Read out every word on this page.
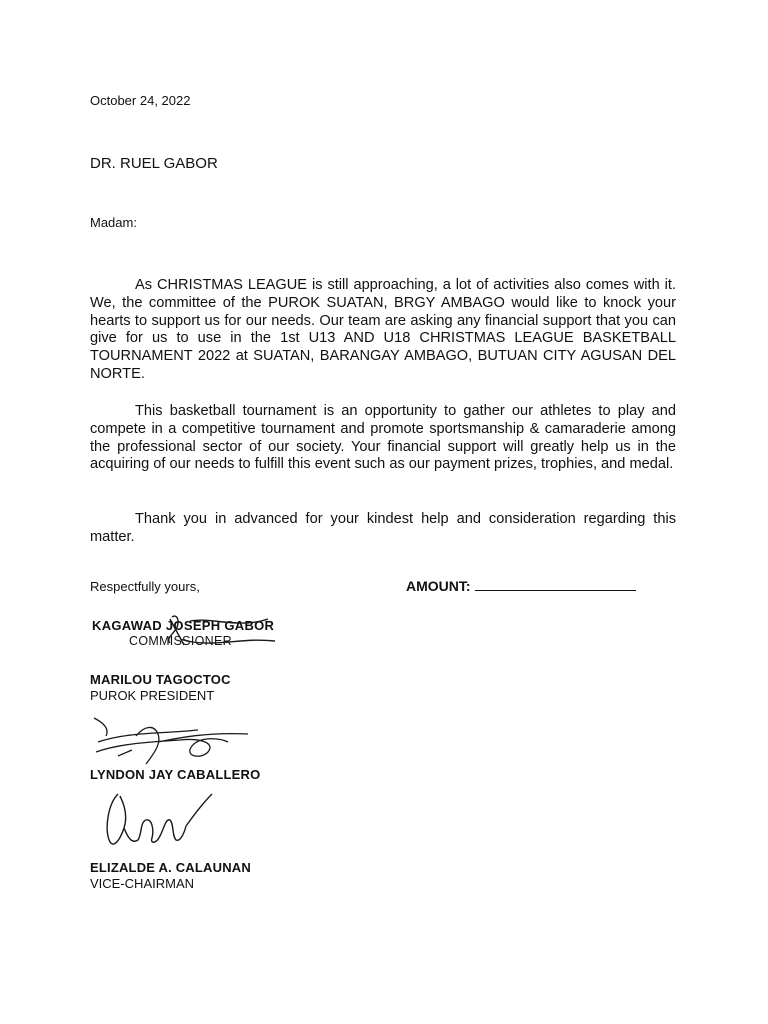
October 24, 2022
DR. RUEL GABOR
Madam:
As CHRISTMAS LEAGUE is still approaching, a lot of activities also comes with it. We, the committee of the PUROK SUATAN, BRGY AMBAGO would like to knock your hearts to support us for our needs. Our team are asking any financial support that you can give for us to use in the 1st U13 AND U18 CHRISTMAS LEAGUE BASKETBALL TOURNAMENT 2022 at SUATAN, BARANGAY AMBAGO, BUTUAN CITY AGUSAN DEL NORTE.
This basketball tournament is an opportunity to gather our athletes to play and compete in a competitive tournament and promote sportsmanship & camaraderie among the professional sector of our society. Your financial support will greatly help us in the acquiring of our needs to fulfill this event such as our payment prizes, trophies, and medal.
Thank you in advanced for your kindest help and consideration regarding this matter.
Respectfully yours,	AMOUNT:
KAGAWAD JOSEPH GABOR
COMMISSIONER
MARILOU TAGOCTOC
PUROK PRESIDENT
LYNDON JAY CABALLERO
ELIZALDE A. CALAUNAN
VICE-CHAIRMAN
